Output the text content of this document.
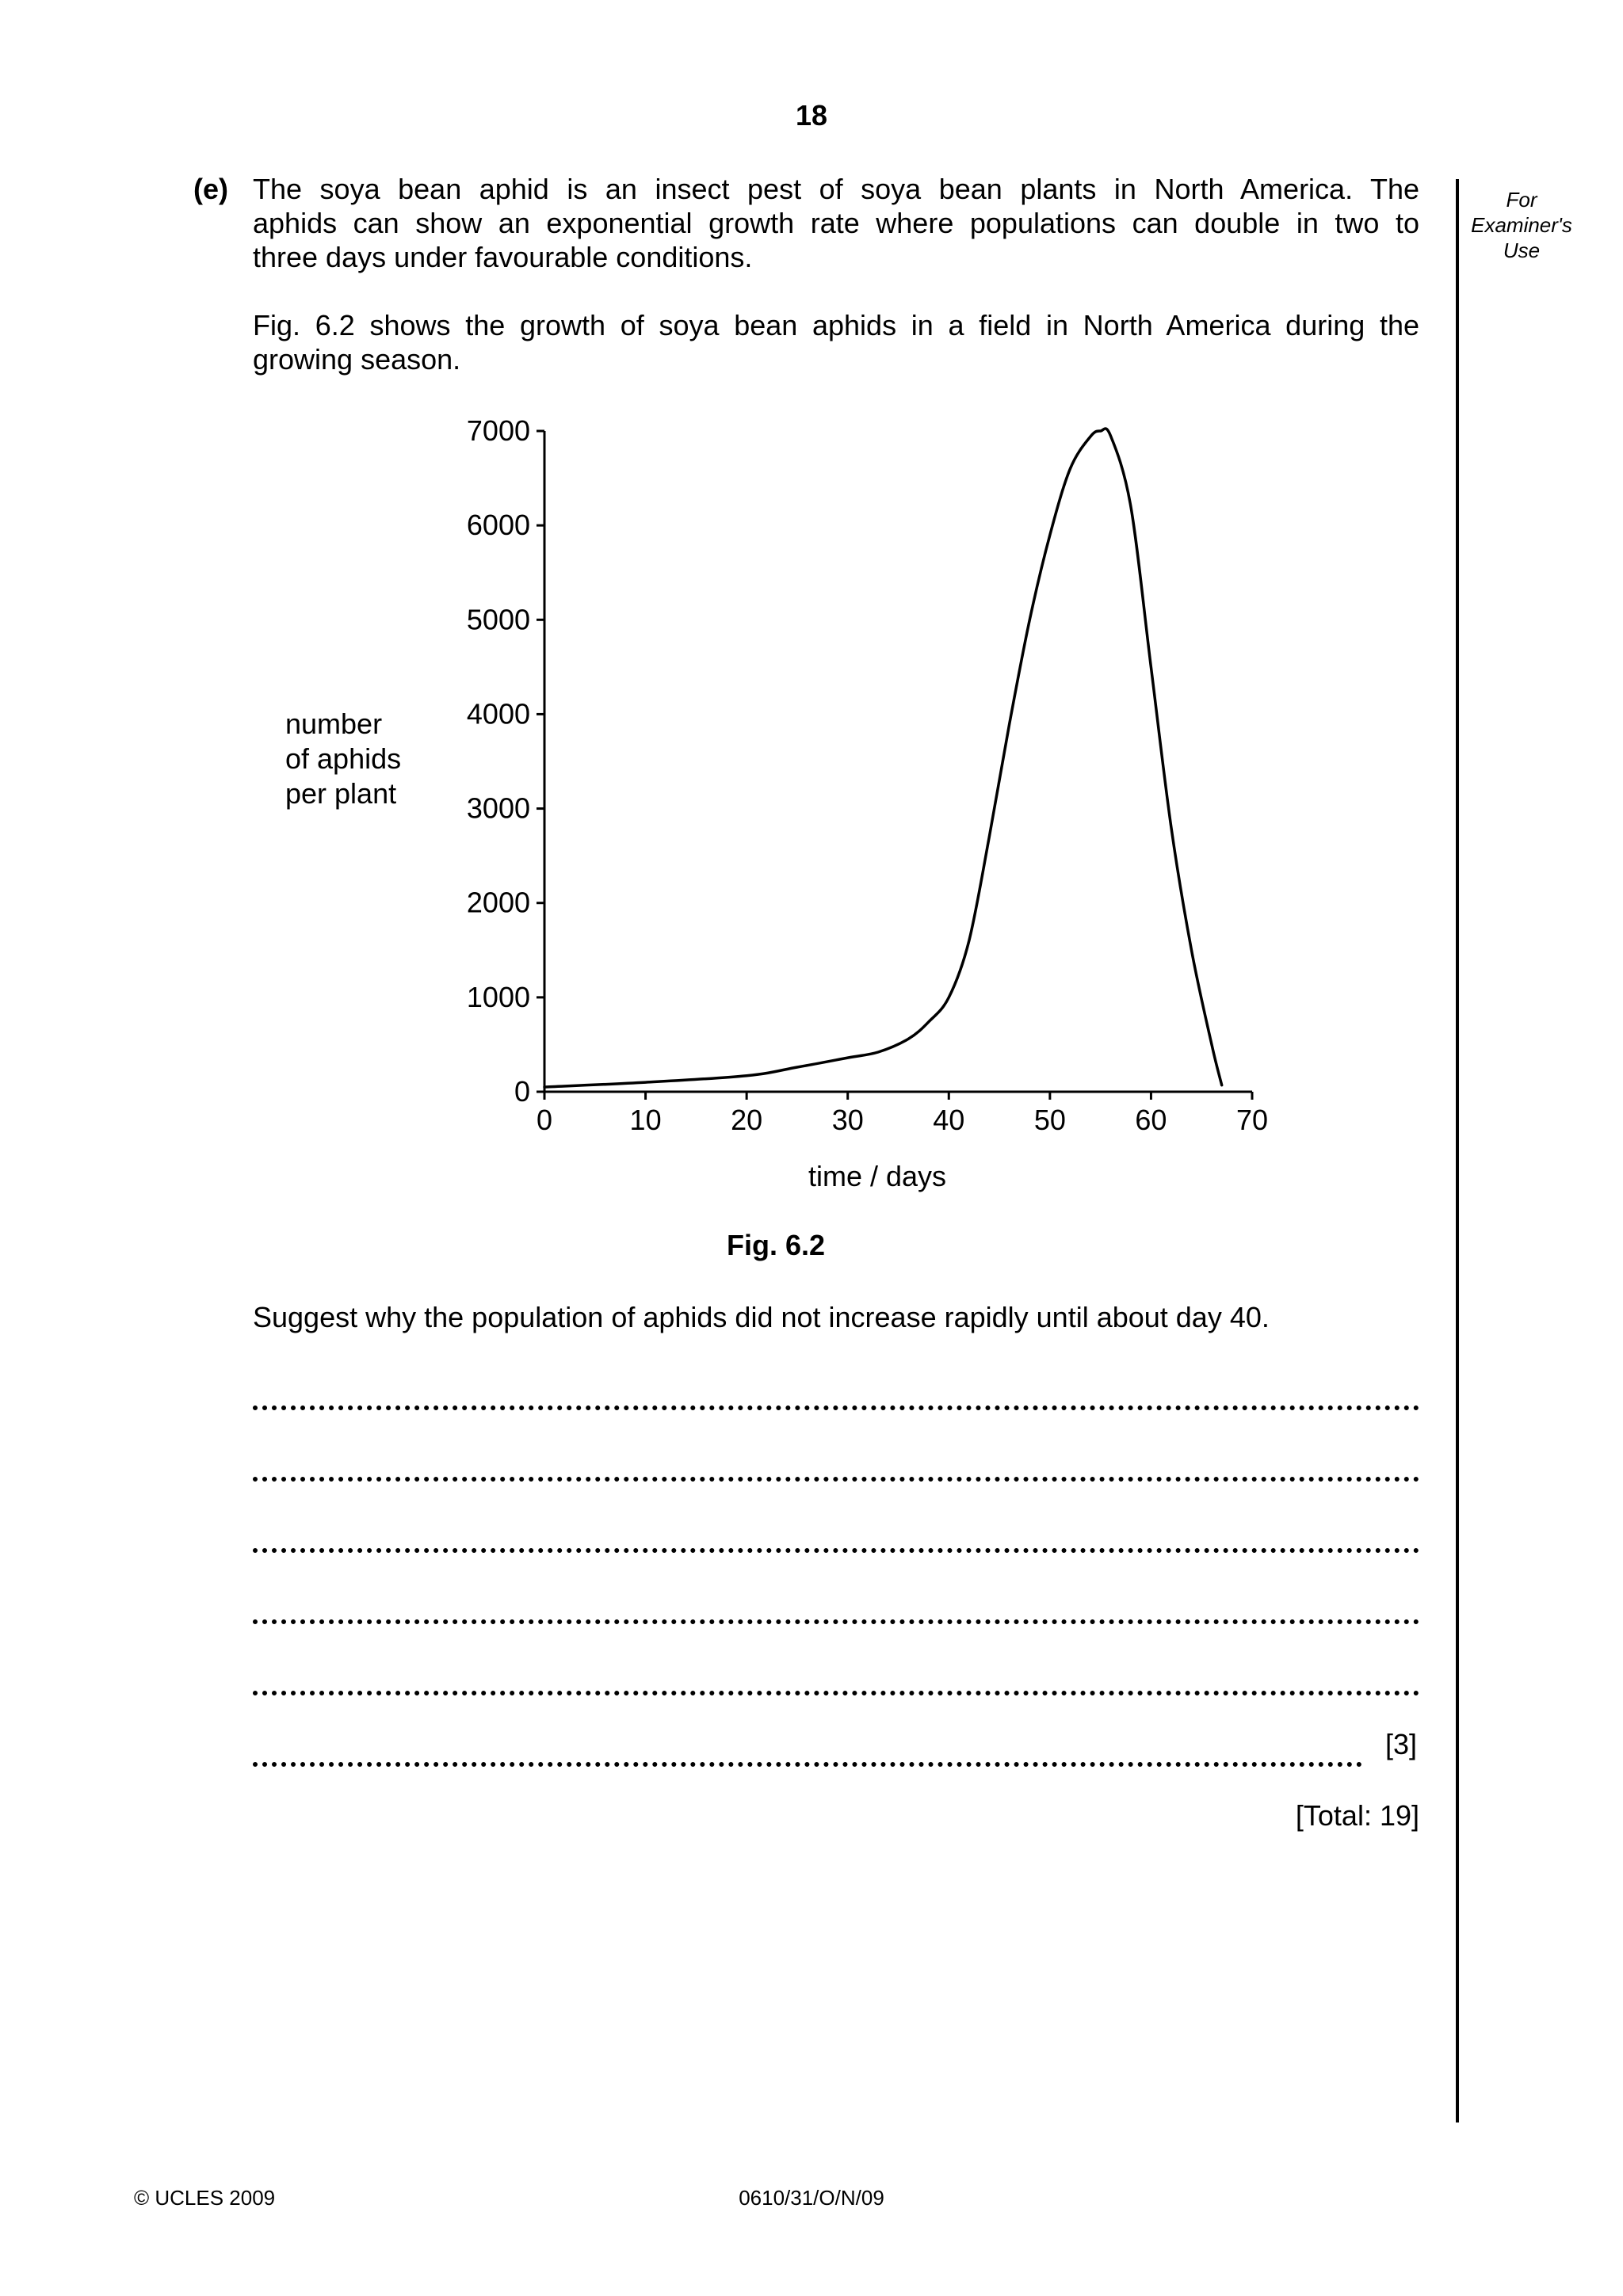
18
(e) The soya bean aphid is an insect pest of soya bean plants in North America. The
aphids can show an exponential growth rate where populations can double in two to
three days under favourable conditions.
Fig. 6.2 shows the growth of soya bean aphids in a field in North America during the
growing season.
For
Examiner's
Use
number
of aphids
per plant
0
1000
2000
3000
4000
5000
6000
7000
0	10 20 30 40 50 60 70
time / days
Fig. 6.2
Suggest why the population of aphids did not increase rapidly until about day 40.
[3]
[Total: 19]
© UCLES 2009	0610/31/O/N/09
